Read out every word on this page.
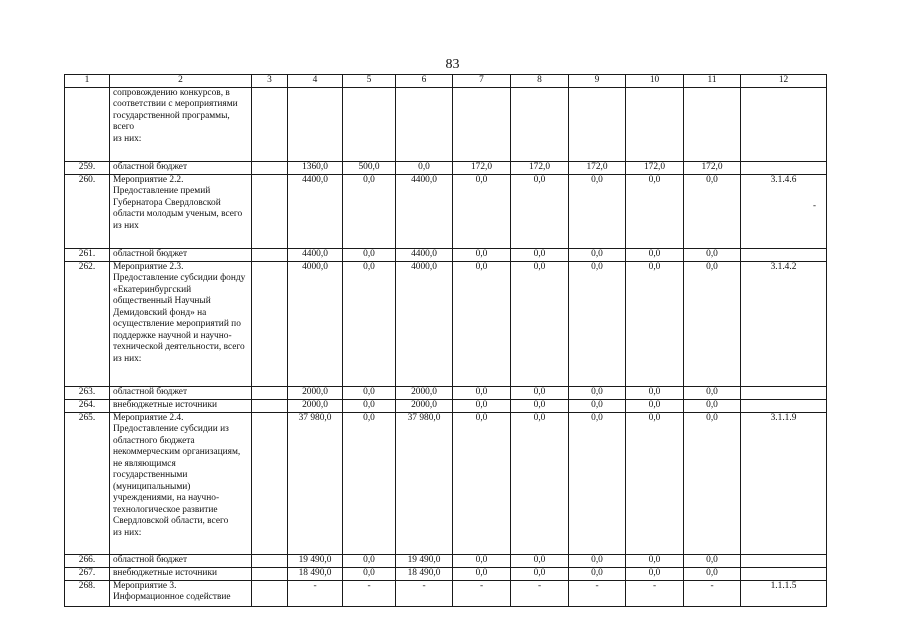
83
1	2	3	4	5	6	7	8	9	10	11	12
	сопровождению конкурсов, в соответствии с мероприятиями государственной программы, всего
из них:										
259.	областной бюджет		1360,0	500,0	0,0	172,0	172,0	172,0	172,0	172,0	
260.	Мероприятие 2.2.
Предоставление премий Губернатора Свердловской области молодым ученым, всего
из них		4400,0	0,0	4400,0	0,0	0,0	0,0	0,0	0,0	3.1.4.6
261.	областной бюджет		4400,0	0,0	4400,0	0,0	0,0	0,0	0,0	0,0	
262.	Мероприятие 2.3.
Предоставление субсидии фонду «Екатеринбургский общественный Научный Демидовский фонд» на осуществление мероприятий по поддержке научной и научно-технической деятельности, всего
из них:		4000,0	0,0	4000,0	0,0	0,0	0,0	0,0	0,0	3.1.4.2
263.	областной бюджет		2000,0	0,0	2000,0	0,0	0,0	0,0	0,0	0,0	
264.	внебюджетные источники		2000,0	0,0	2000,0	0,0	0,0	0,0	0,0	0,0	
265.	Мероприятие 2.4.
Предоставление субсидии из областного бюджета некоммерческим организациям, не являющимся государственными (муниципальными) учреждениями, на научно-технологическое развитие Свердловской области, всего
из них:		37 980,0	0,0	37 980,0	0,0	0,0	0,0	0,0	0,0	3.1.1.9
266.	областной бюджет		19 490,0	0,0	19 490,0	0,0	0,0	0,0	0,0	0,0	
267.	внебюджетные источники		18 490,0	0,0	18 490,0	0,0	0,0	0,0	0,0	0,0	
268.	Мероприятие 3.
Информационное содействие		-	-	-	-	-	-	-	-	1.1.1.5
-
